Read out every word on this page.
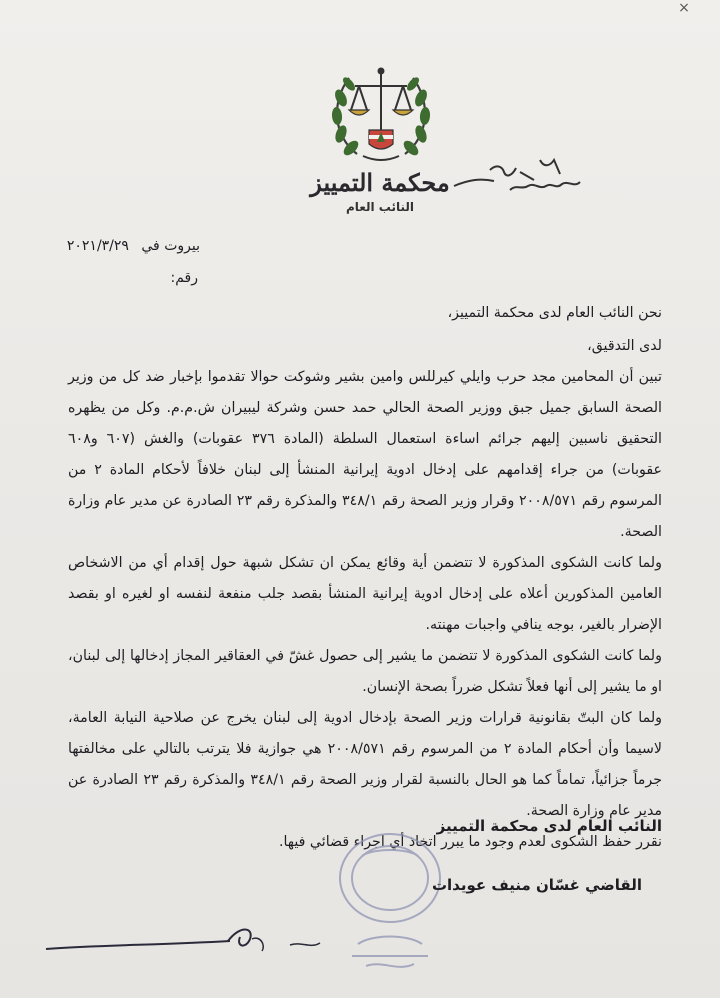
×
محكمة التمييز
النائب العام
١٨١٢ / ٢
بيروت في ٢٠٢١/٣/٢٩
رقم:

نحن النائب العام لدى محكمة التمييز،

لدى التدقيق،

تبين أن المحامين مجد حرب وايلي كيرللس وامين بشير وشوكت حوالا تقدموا بإخبار ضد كل من وزير الصحة السابق جميل جبق ووزير الصحة الحالي حمد حسن وشركة ليبيران ش.م.م. وكل من يظهره التحقيق ناسبين إليهم جرائم اساءة استعمال السلطة (المادة ٣٧٦ عقوبات) والغش (٦٠٧ و٦٠٨ عقوبات) من جراء إقدامهم على إدخال ادوية إيرانية المنشأ إلى لبنان خلافاً لأحكام المادة ٢ من المرسوم رقم ٢٠٠٨/٥٧١ وقرار وزير الصحة رقم ٣٤٨/١ والمذكرة رقم ٢٣ الصادرة عن مدير عام وزارة الصحة.

ولما كانت الشكوى المذكورة لا تتضمن أية وقائع يمكن ان تشكل شبهة حول إقدام أي من الاشخاص العامين المذكورين أعلاه على إدخال ادوية إيرانية المنشأ بقصد جلب منفعة لنفسه او لغيره او بقصد الإضرار بالغير، بوجه ينافي واجبات مهنته.

ولما كانت الشكوى المذكورة لا تتضمن ما يشير إلى حصول غشّ في العقاقير المجاز إدخالها إلى لبنان، او ما يشير إلى أنها فعلاً تشكل ضرراً بصحة الإنسان.

ولما كان البتّ بقانونية قرارات وزير الصحة بإدخال ادوية إلى لبنان يخرج عن صلاحية النيابة العامة، لاسيما وأن أحكام المادة ٢ من المرسوم رقم ٢٠٠٨/٥٧١ هي جوازية فلا يترتب بالتالي على مخالفتها جرماً جزائياً، تماماً كما هو الحال بالنسبة لقرار وزير الصحة رقم ٣٤٨/١ والمذكرة رقم ٢٣ الصادرة عن مدير عام وزارة الصحة.

نقرر حفظ الشكوى لعدم وجود ما يبرر اتخاذ أي اجراء قضائي فيها.

النائب العام لدى محكمة التمييز
القاضي غسّان منيف عويدات
